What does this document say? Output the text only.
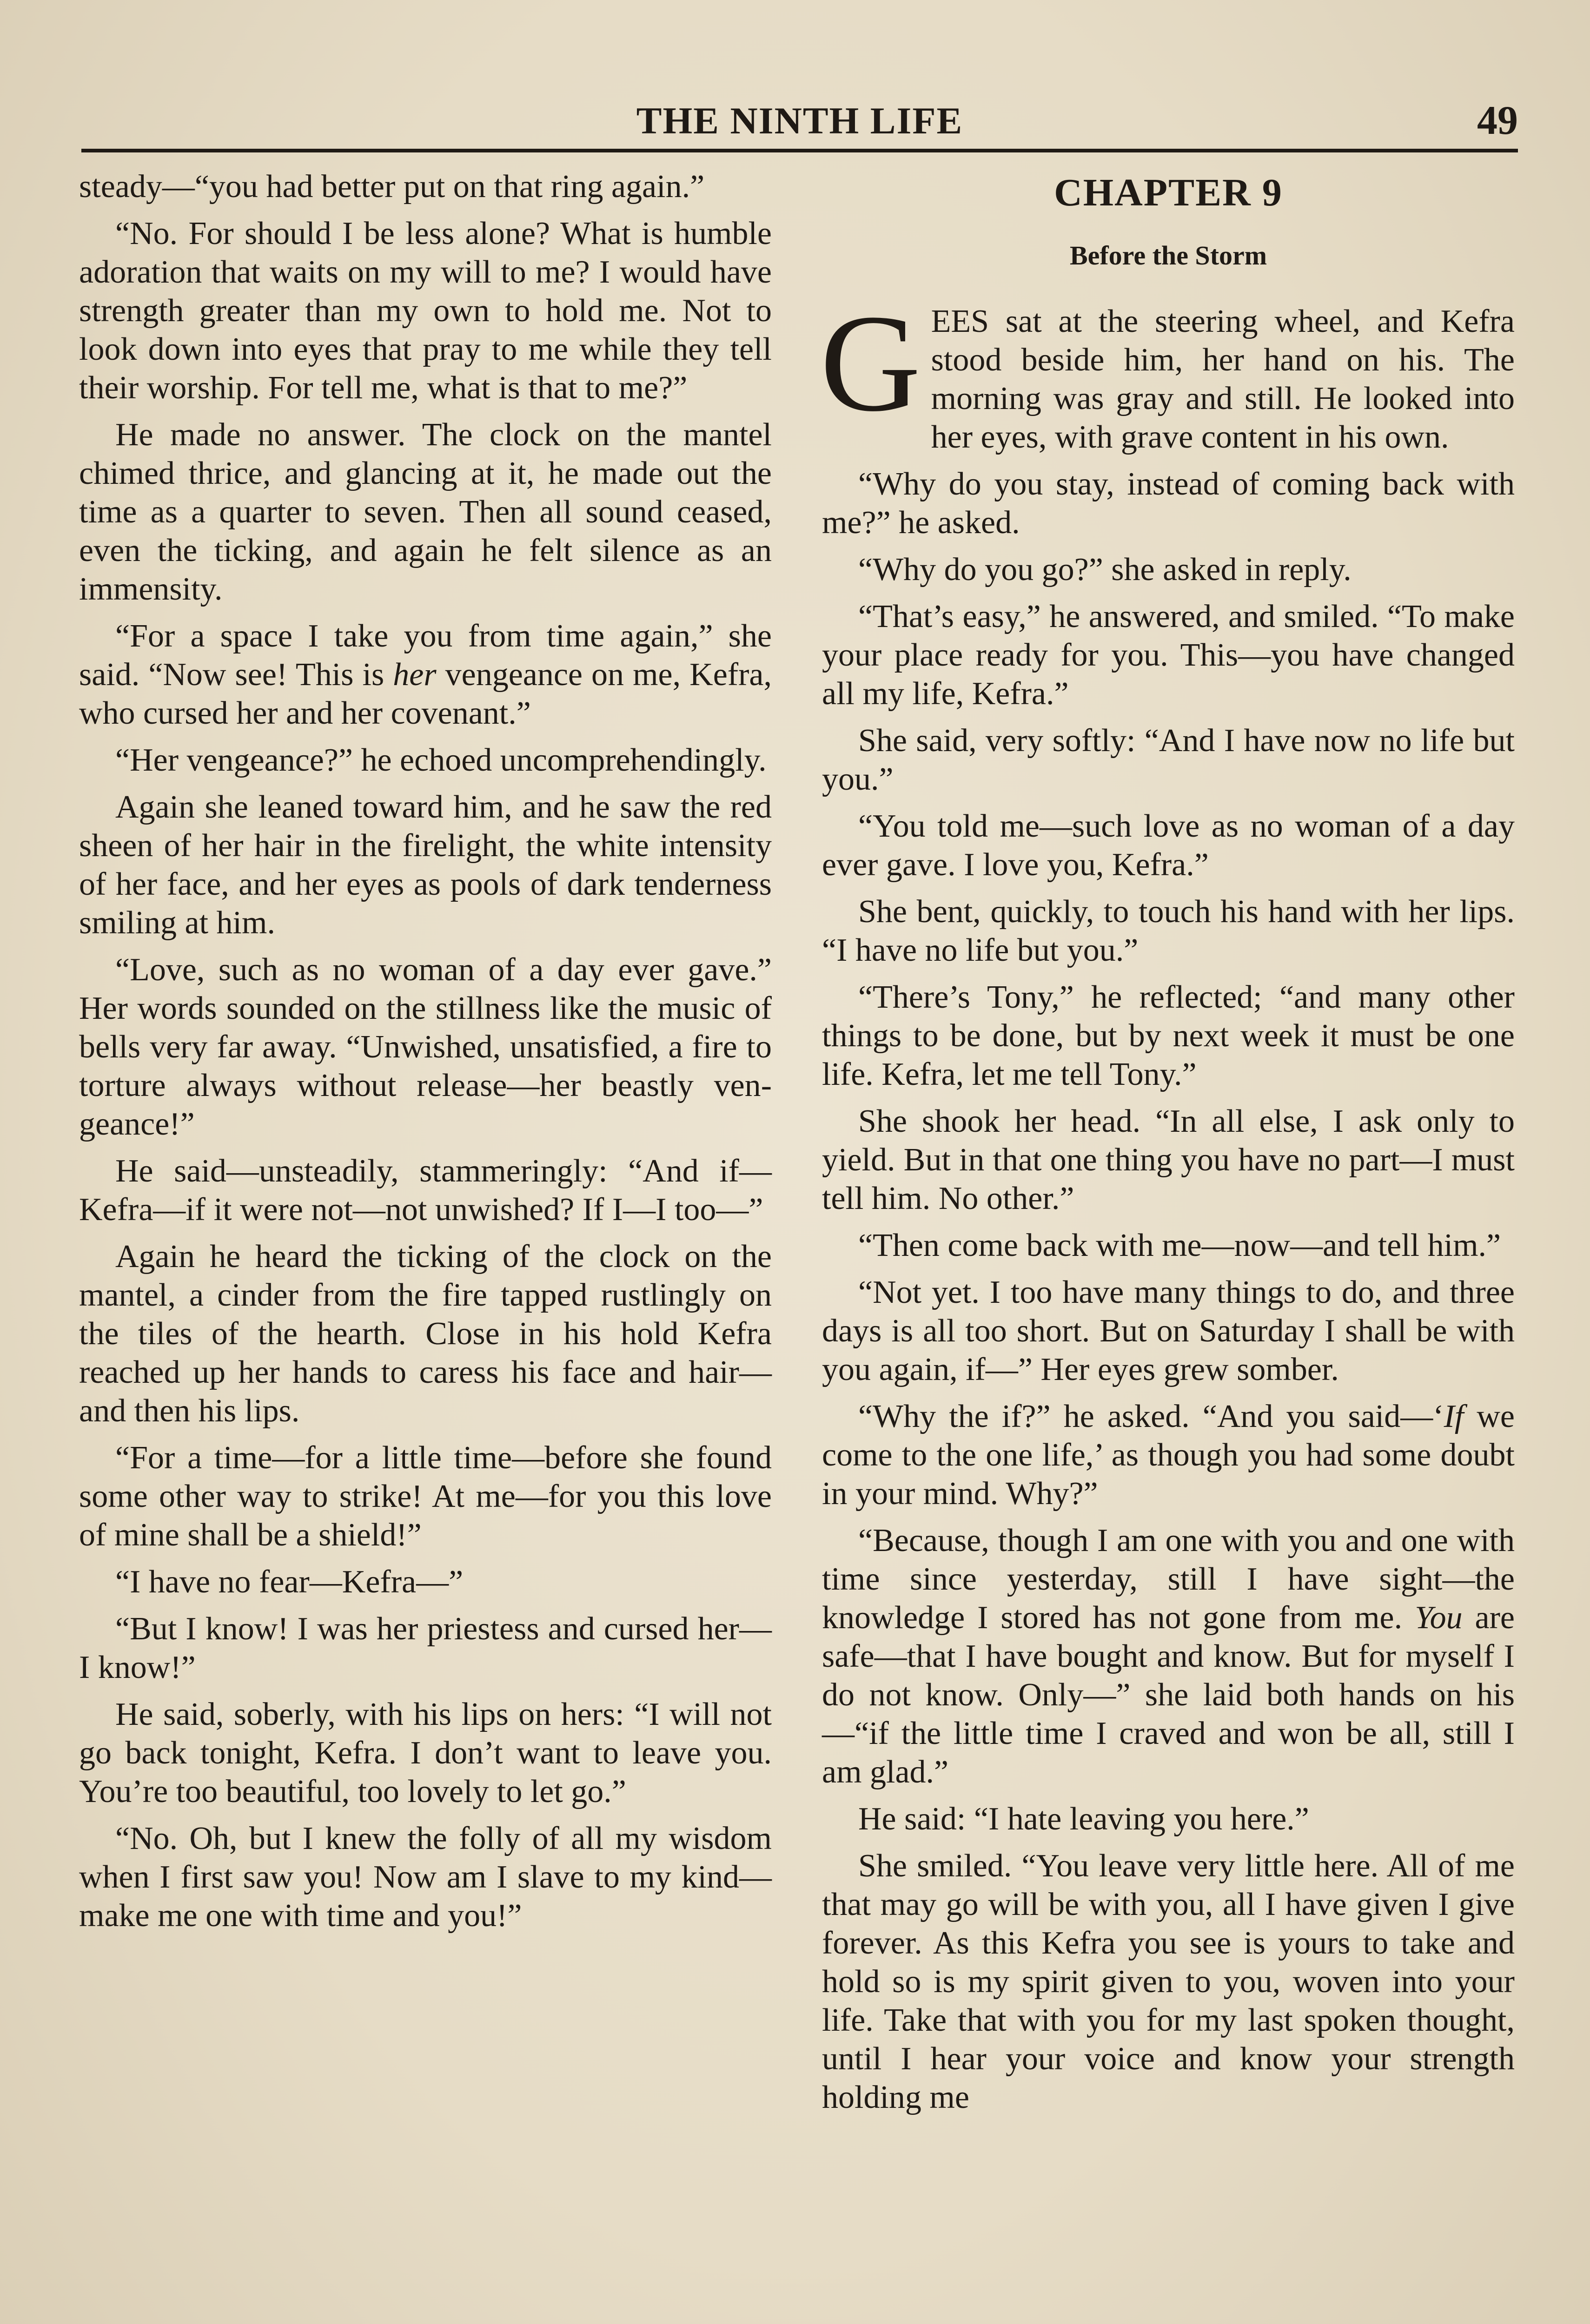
THE NINTH LIFE	49

steady—“you had better put on that ring again.”

“No. For should I be less alone? What is humble adoration that waits on my will to me? I would have strength greater than my own to hold me. Not to look down into eyes that pray to me while they tell their worship. For tell me, what is that to me?”

He made no answer. The clock on the mantel chimed thrice, and glancing at it, he made out the time as a quarter to seven. Then all sound ceased, even the ticking, and again he felt silence as an immensity.

“For a space I take you from time again,” she said. “Now see! This is her vengeance on me, Kefra, who cursed her and her covenant.”

“Her vengeance?” he echoed uncomprehendingly.

Again she leaned toward him, and he saw the red sheen of her hair in the firelight, the white intensity of her face, and her eyes as pools of dark tenderness smiling at him.

“Love, such as no woman of a day ever gave.” Her words sounded on the stillness like the music of bells very far away. “Unwished, unsatisfied, a fire to torture always without release—her beastly vengeance!”

He said—unsteadily, stammeringly: “And if—Kefra—if it were not—not unwished? If I—I too—”

Again he heard the ticking of the clock on the mantel, a cinder from the fire tapped rustlingly on the tiles of the hearth. Close in his hold Kefra reached up her hands to caress his face and hair—and then his lips.

“For a time—for a little time—before she found some other way to strike! At me—for you this love of mine shall be a shield!”

“I have no fear—Kefra—”

“But I know! I was her priestess and cursed her—I know!”

He said, soberly, with his lips on hers: “I will not go back tonight, Kefra. I don’t want to leave you. You’re too beautiful, too lovely to let go.”

“No. Oh, but I knew the folly of all my wisdom when I first saw you! Now am I slave to my kind—make me one with time and you!”

CHAPTER 9
Before the Storm

GEES sat at the steering wheel, and Kefra stood beside him, her hand on his. The morning was gray and still. He looked into her eyes, with grave content in his own.

“Why do you stay, instead of coming back with me?” he asked.

“Why do you go?” she asked in reply.

“That’s easy,” he answered, and smiled. “To make your place ready for you. This—you have changed all my life, Kefra.”

She said, very softly: “And I have now no life but you.”

“You told me—such love as no woman of a day ever gave. I love you, Kefra.”

She bent, quickly, to touch his hand with her lips. “I have no life but you.”

“There’s Tony,” he reflected; “and many other things to be done, but by next week it must be one life. Kefra, let me tell Tony.”

She shook her head. “In all else, I ask only to yield. But in that one thing you have no part—I must tell him. No other.”

“Then come back with me—now—and tell him.”

“Not yet. I too have many things to do, and three days is all too short. But on Saturday I shall be with you again, if—” Her eyes grew somber.

“Why the if?” he asked. “And you said—‘If we come to the one life,’ as though you had some doubt in your mind. Why?”

“Because, though I am one with you and one with time since yesterday, still I have sight—the knowledge I stored has not gone from me. You are safe—that I have bought and know. But for myself I do not know. Only—” she laid both hands on his—“if the little time I craved and won be all, still I am glad.”

He said: “I hate leaving you here.”

She smiled. “You leave very little here. All of me that may go will be with you, all I have given I give forever. As this Kefra you see is yours to take and hold so is my spirit given to you, woven into your life. Take that with you for my last spoken thought, until I hear your voice and know your strength holding me
